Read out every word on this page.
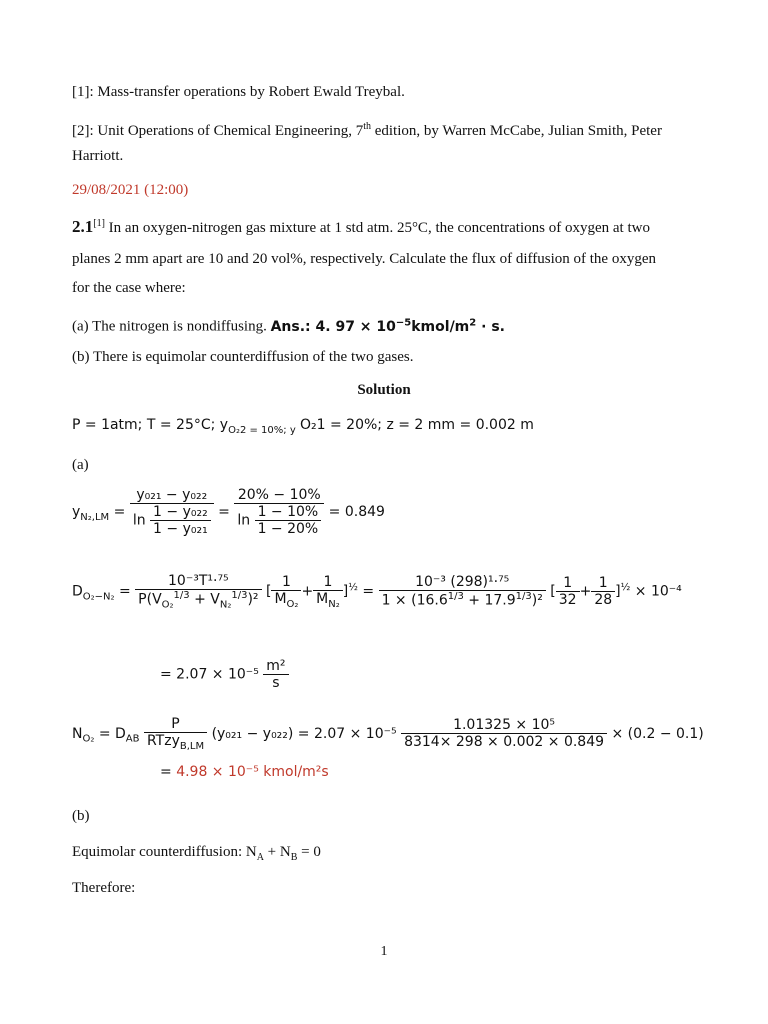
[1]: Mass-transfer operations by Robert Ewald Treybal.
[2]: Unit Operations of Chemical Engineering, 7th edition, by Warren McCabe, Julian Smith, Peter
Harriott.
29/08/2021 (12:00)
2.1[1] In an oxygen-nitrogen gas mixture at 1 std atm. 25°C, the concentrations of oxygen at two
planes 2 mm apart are 10 and 20 vol%, respectively. Calculate the flux of diffusion of the oxygen
for the case where:
(a) The nitrogen is nondiffusing. Ans.: 4. $97 \times 10^{-5}kmol/m^2 \cdot s$.
(b) There is equimolar counterdiffusion of the two gases.
Solution
P = 1atm; T = 25°C; $y_{O_22 = 10\%; y}$ O₂1 = 20%; z = 2 mm = 0.002 m
(a)
$y_{N_2,LM} = \frac{\text{y₀₂₁ − y₀₂₂}}{\ln \frac{\text{1 − y₀₂₂}}{\text{1 − y₀₂₁}}} = \frac{20\% - 10\%}{\ln \frac{1 - 10\%}{1 - 20\%}} = 0.849$
$D_{O_2-N_2} = \frac{\text{10⁻³T¹·⁷⁵}}{P(V_{O_2}^{1/3} + V_{N_2}^{1/3})^2}$ [ $\frac{1}{M_{O_2}} + \frac{1}{M_{N_2}} ]^{\frac{1}{2}} = \frac{\text{10⁻³ (298)¹·⁷⁵}}{1 \times (16.6^{1/3} + 17.9^{1/3})^2}$ [ $\frac{1}{32} + \frac{1}{28} ]^{\frac{1}{2}} \times 10^{-4}$
= $2.07 \times 10^{-5} \frac{\text{m²}}{s}$
$N_{O_2} = D_{AB} \frac{P}{RTzy_{B,LM}} (y_{021} - y_{022}) = 2.07 \times 10^{-5} \frac{\text{1.01325 × 10⁵}}{8314\times 298 \times 0.002 \times 0.849} \times (0.2 - 0.1)$
= 4.98 × 10⁻⁵ kmol/m²s
(b)
Equimolar counterdiffusion: $N_A + N_B = 0$
Therefore:
1
